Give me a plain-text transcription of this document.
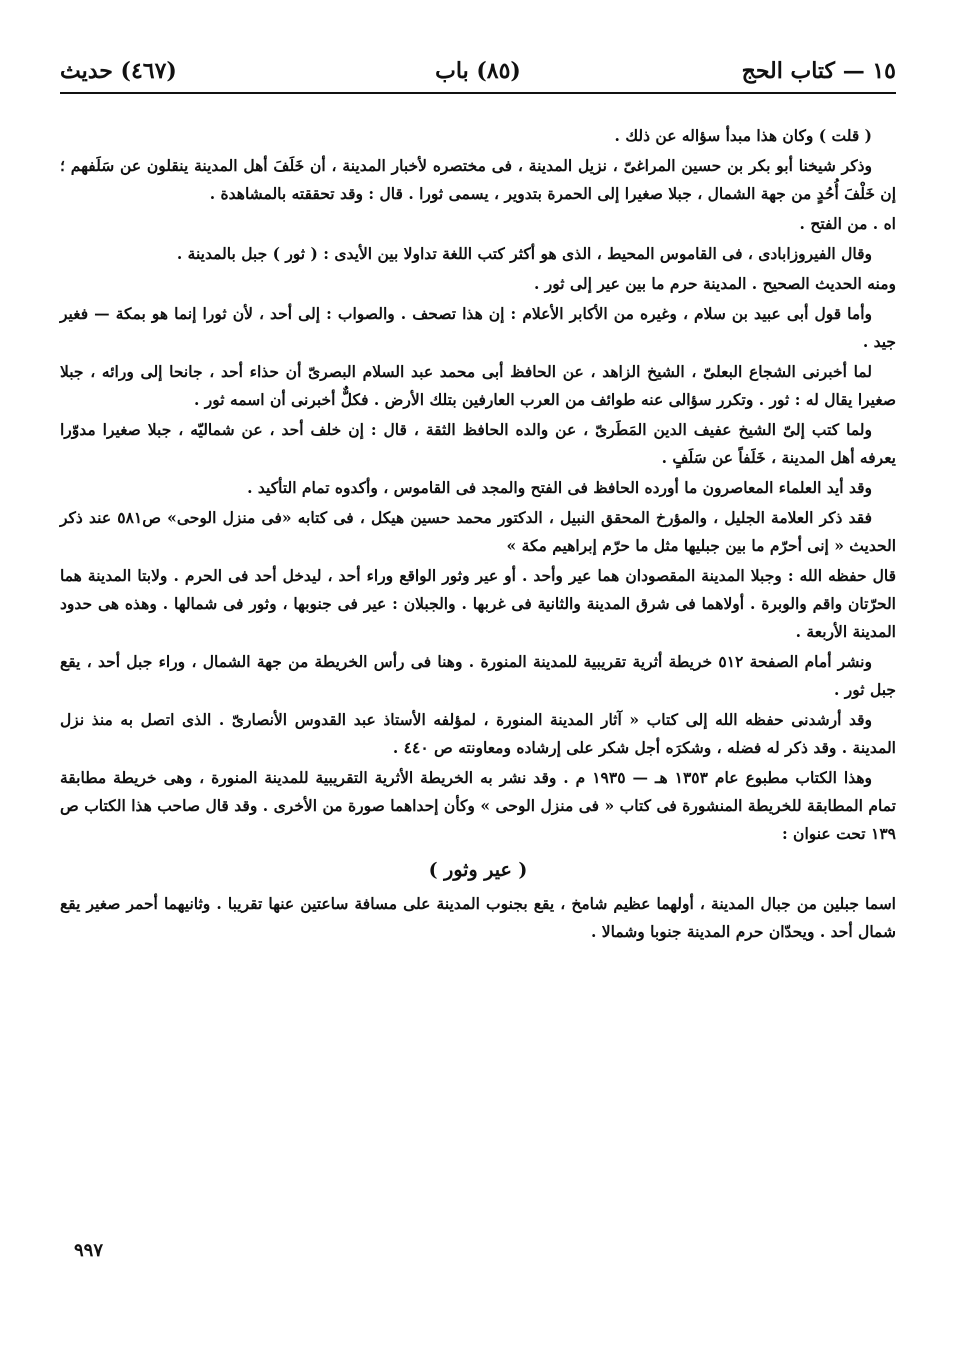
١٥ — كتاب الحج
(٨٥) باب
(٤٦٧) حديث

( قلت ) وكان هذا مبدأ سؤاله عن ذلك .

وذكر شيخنا أبو بكر بن حسين المراغىّ ، نزيل المدينة ، فى مختصره لأخبار المدينة ، أن خَلَفَ أهل المدينة ينقلون عن سَلَفهم ؛ إن خَلْفَ أُحُدٍ من جهة الشمال ، جبلا صغيرا إلى الحمرة بتدوير ، يسمى ثورا . قال : وقد تحققته بالمشاهدة .

اه . من الفتح .

وقال الفيروزابادى ، فى القاموس المحيط ، الذى هو أكثر كتب اللغة تداولا بين الأيدى : ( ثور ) جبل بالمدينة .

ومنه الحديث الصحيح . المدينة حرم ما بين عير إلى ثور .

وأما قول أبى عبيد بن سلام ، وغيره من الأكابر الأعلام : إن هذا تصحف . والصواب : إلى أحد ، لأن ثورا إنما هو بمكة — فغير جيد .

لما أخبرنى الشجاع البعلىّ ، الشيخ الزاهد ، عن الحافظ أبى محمد عبد السلام البصرىّ أن حذاء أحد ، جانحا إلى ورائه ، جبلا صغيرا يقال له : ثور . وتكرر سؤالى عنه طوائف من العرب العارفين بتلك الأرض . فكلٌّ أخبرنى أن اسمه ثور .

ولما كتب إلىّ الشيخ عفيف الدين المَطَرىّ ، عن والده الحافظ الثقة ، قال : إن خلف أحد ، عن شماليّه ، جبلا صغيرا مدوّرا يعرفه أهل المدينة ، خَلَفاً عن سَلَفٍ .

وقد أيد العلماء المعاصرون ما أورده الحافظ فى الفتح والمجد فى القاموس ، وأكدوه تمام التأكيد .

فقد ذكر العلامة الجليل ، والمؤرخ المحقق النبيل ، الدكتور محمد حسين هيكل ، فى كتابه «فى منزل الوحى» ص٥٨١ عند ذكر الحديث « إنى أحرّم ما بين جبليها مثل ما حرّم إبراهيم مكة »

قال حفظه الله : وجبلا المدينة المقصودان هما عير وأحد . أو عير وثور الواقع وراء أحد ، ليدخل أحد فى الحرم . ولابتا المدينة هما الحرّتان واقم والوبرة . أولاهما فى شرق المدينة والثانية فى غربها . والجبلان : عير فى جنوبها ، وثور فى شمالها . وهذه هى حدود المدينة الأربعة .

ونشر أمام الصفحة ٥١٢ خريطة أثرية تقريبية للمدينة المنورة . وهنا فى رأس الخريطة من جهة الشمال ، وراء جبل أحد ، يقع جبل ثور .

وقد أرشدنى حفظه الله إلى كتاب « آثار المدينة المنورة ، لمؤلفه الأستاذ عبد القدوس الأنصارىّ . الذى اتصل به منذ نزل المدينة . وقد ذكر له فضله ، وشكرَه أجل شكر على إرشاده ومعاونته ص ٤٤٠ .

وهذا الكتاب مطبوع عام ١٣٥٣ هـ — ١٩٣٥ م . وقد نشر به الخريطة الأثرية التقريبية للمدينة المنورة ، وهى خريطة مطابقة تمام المطابقة للخريطة المنشورة فى كتاب « فى منزل الوحى » وكأن إحداهما صورة من الأخرى . وقد قال صاحب هذا الكتاب ص ١٣٩ تحت عنوان :

( عير وثور )

اسما جبلين من جبال المدينة ، أولهما عظيم شامخ ، يقع بجنوب المدينة على مسافة ساعتين عنها تقريبا . وثانيهما أحمر صغير يقع شمال أحد . ويحدّان حرم المدينة جنوبا وشمالا .

٩٩٧
